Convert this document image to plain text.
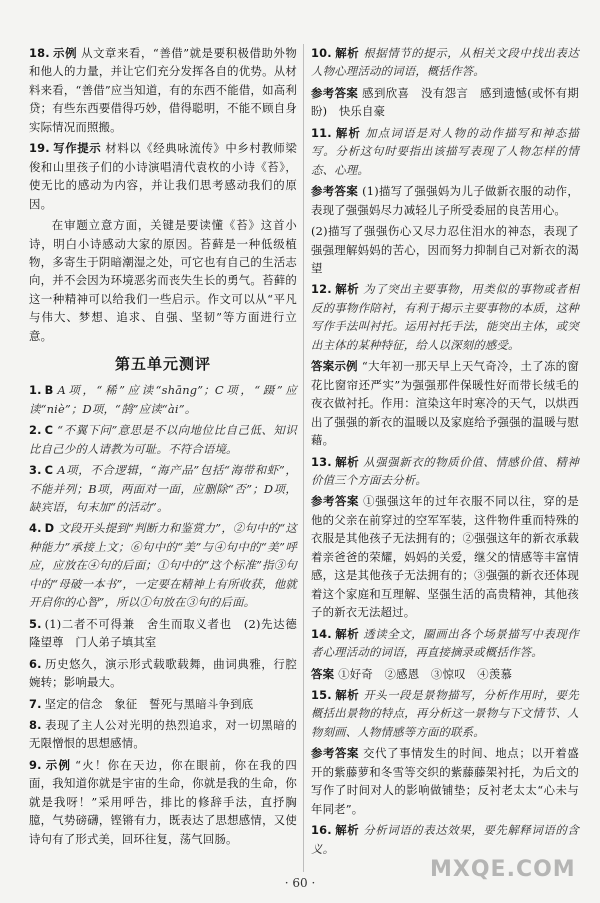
18. 示例 从文章来看，“善借”就是要积极借助外物和他人的力量，并让它们充分发挥各自的优势。从材料来看，“善借”应当知道，有的东西不能借，如高利贷；有些东西要借得巧妙，借得聪明，不能不顾自身实际情况而照搬。
19. 写作提示 材料以《经典咏流传》中乡村教师梁俊和山里孩子们的小诗演唱清代袁枚的小诗《苔》，使无比的感动为内容，并让我们思考感动我们的原因。
在审题立意方面，关键是要读懂《苔》这首小诗，明白小诗感动大家的原因。苔藓是一种低级植物，多寄生于阴暗潮湿之处，可它也有自己的生活志向，并不会因为环境恶劣而丧失生长的勇气。苔藓的这一种精神可以给我们一些启示。作文可以从“平凡与伟大、梦想、追求、自强、坚韧”等方面进行立意。
第五单元测评
1. B A项，“稀”应读“shāng”；C项，“蹑”应读“niè”；D项，“鹄”应读“ài”。
2. C “不翼下问”意思是不以向地位比自己低、知识比自己少的人请教为可耻。不符合语境。
3. C A项，不合逻辑，“海产品”包括“海带和虾”，不能并列；B项，两面对一面，应删除“否”；D项，缺宾语，句末加“的活动”。
4. D 文段开头提到“判断力和鉴赏力”，②句中的“这种能力”承接上文；⑥句中的“美”与④句中的“美”呼应，应放在④句的后面；①句中的“这个标准”指③句中的“母破一本书”，一定要在精神上有所收获，他就开启你的心智”，所以①句放在③句的后面。
5. (1)二者不可得兼　舍生而取义者也　(2)先达德隆望尊　门人弟子填其室
6. 历史悠久，演示形式载歌载舞，曲词典雅，行腔婉转；影响最大。
7. 坚定的信念　象征　誓死与黑暗斗争到底
8. 表现了主人公对光明的热烈追求，对一切黑暗的无限憎恨的思想感情。
9. 示例 “火！你在天边，你在眼前，你在我的四面，我知道你就是宇宙的生命，你就是我的生命，你就是我呀！”采用呼告，排比的修辞手法，直抒胸臆，气势磅礴，铿锵有力，既表达了思想感情，又使诗句有了形式美，回环往复，荡气回肠。
10. 解析 根据情节的提示，从相关文段中找出表达人物心理活动的词语，概括作答。
参考答案 感到欣喜　没有怨言　感到遗憾(或怀有期盼)　快乐自豪
11. 解析 加点词语是对人物的动作描写和神态描写。分析这句时要指出该描写表现了人物怎样的情态、心理。
参考答案 (1)描写了强强妈为儿子做新衣服的动作，表现了强强妈尽力减轻儿子所受委屈的良苦用心。
(2)描写了强强伤心又尽力忍住泪水的神态，表现了强强理解妈妈的苦心，因而努力抑制自己对新衣的渴望
12. 解析 为了突出主要事物，用类似的事物或者相反的事物作陪衬，有利于揭示主要事物的本质，这种写作手法叫衬托。运用衬托手法，能突出主体，或突出主体的某种特征，给人以深刻的感受。
答案示例 “大年初一那天早上天气奇冷，土了冻的窗花比窗帘还严实”为强强那件保暖性好而带长绒毛的夜衣做衬托。作用：渲染这年时寒冷的天气，以烘西出了强强的新衣的温暖以及家庭给予强强的温暖与慰藉。
13. 解析 从强强新衣的物质价值、情感价值、精神价值三个方面去分析。
参考答案 ①强强这年的过年衣服不同以往，穿的是他的父亲在前穿过的空军军装，这件物件重而特殊的衣服是其他孩子无法拥有的；②强强这年的新衣承载着亲爸爸的荣耀，妈妈的关爱，继父的情感等丰富情感，这是其他孩子无法拥有的；③强强的新衣还体现着这个家庭和互理解、坚强生活的高贵精神，其他孩子的新衣无法超过。
14. 解析 透读全文，圈画出各个场景描写中表现作者心理活动的词语，再直接摘录或概括作答。
答案 ①好奇　②感恩　③惊叹　④羡慕
15. 解析 开头一段是景物描写，分析作用时，要先概括出景物的特点，再分析这一景物与下文情节、人物刻画、人物情感等方面的联系。
参考答案 交代了事情发生的时间、地点；以开着盛开的紫藤萝和冬雪等交织的紫藤藤架衬托，为后文的写作了时间对人的影响做铺垫；反衬老太太“心未与年同老”。
16. 解析 分析词语的表达效果，要先解释词语的含义。
· 60 ·
MXQE.COM
